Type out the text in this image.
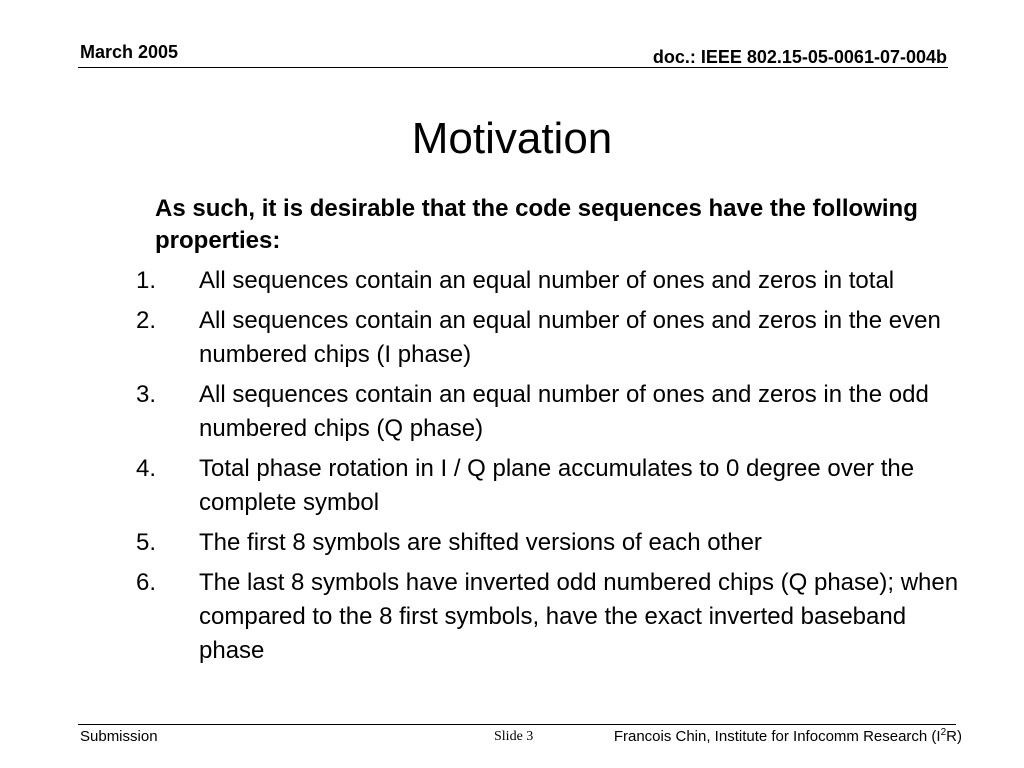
March 2005	doc.: IEEE 802.15-05-0061-07-004b
Motivation
As such, it is desirable that the code sequences have the following properties:
1. All sequences contain an equal number of ones and zeros in total
2. All sequences contain an equal number of ones and zeros in the even numbered chips (I phase)
3. All sequences contain an equal number of ones and zeros in the odd numbered chips (Q phase)
4. Total phase rotation in I / Q plane accumulates to 0 degree over the complete symbol
5. The first 8 symbols are shifted versions of each other
6. The last 8 symbols have inverted odd numbered chips (Q phase); when compared to the 8 first symbols, have the exact inverted baseband phase
Submission	Slide 3	Francois Chin, Institute for Infocomm Research $(I^2R)$
